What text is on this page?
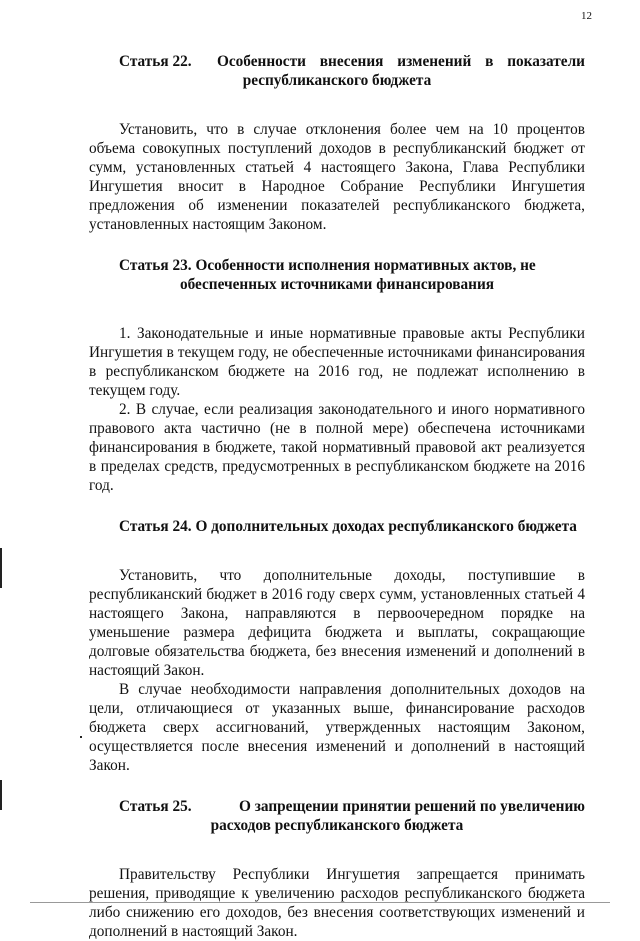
12
Статья 22.	Особенности внесения изменений в показатели
республиканского бюджета

Установить, что в случае отклонения более чем на 10 процентов объема совокупных поступлений доходов в республиканский бюджет от сумм, установленных статьей 4 настоящего Закона, Глава Республики Ингушетия вносит в Народное Собрание Республики Ингушетия предложения об изменении показателей республиканского бюджета, установленных настоящим Законом.

Статья 23. Особенности исполнения нормативных актов, не
обеспеченных источниками финансирования

1. Законодательные и иные нормативные правовые акты Республики Ингушетия в текущем году, не обеспеченные источниками финансирования в республиканском бюджете на 2016 год, не подлежат исполнению в текущем году.

2. В случае, если реализация законодательного и иного нормативного правового акта частично (не в полной мере) обеспечена источниками финансирования в бюджете, такой нормативный правовой акт реализуется в пределах средств, предусмотренных в республиканском бюджете на 2016 год.

Статья 24. О дополнительных доходах республиканского бюджета

Установить, что дополнительные доходы, поступившие в республиканский бюджет в 2016 году сверх сумм, установленных статьей 4 настоящего Закона, направляются в первоочередном порядке на уменьшение размера дефицита бюджета и выплаты, сокращающие долговые обязательства бюджета, без внесения изменений и дополнений в настоящий Закон.

В случае необходимости направления дополнительных доходов на цели, отличающиеся от указанных выше, финансирование расходов бюджета сверх ассигнований, утвержденных настоящим Законом, осуществляется после внесения изменений и дополнений в настоящий Закон.

Статья 25.	О запрещении принятии решений по увеличению
расходов республиканского бюджета

Правительству Республики Ингушетия запрещается принимать решения, приводящие к увеличению расходов республиканского бюджета либо снижению его доходов, без внесения соответствующих изменений и дополнений в настоящий Закон.
